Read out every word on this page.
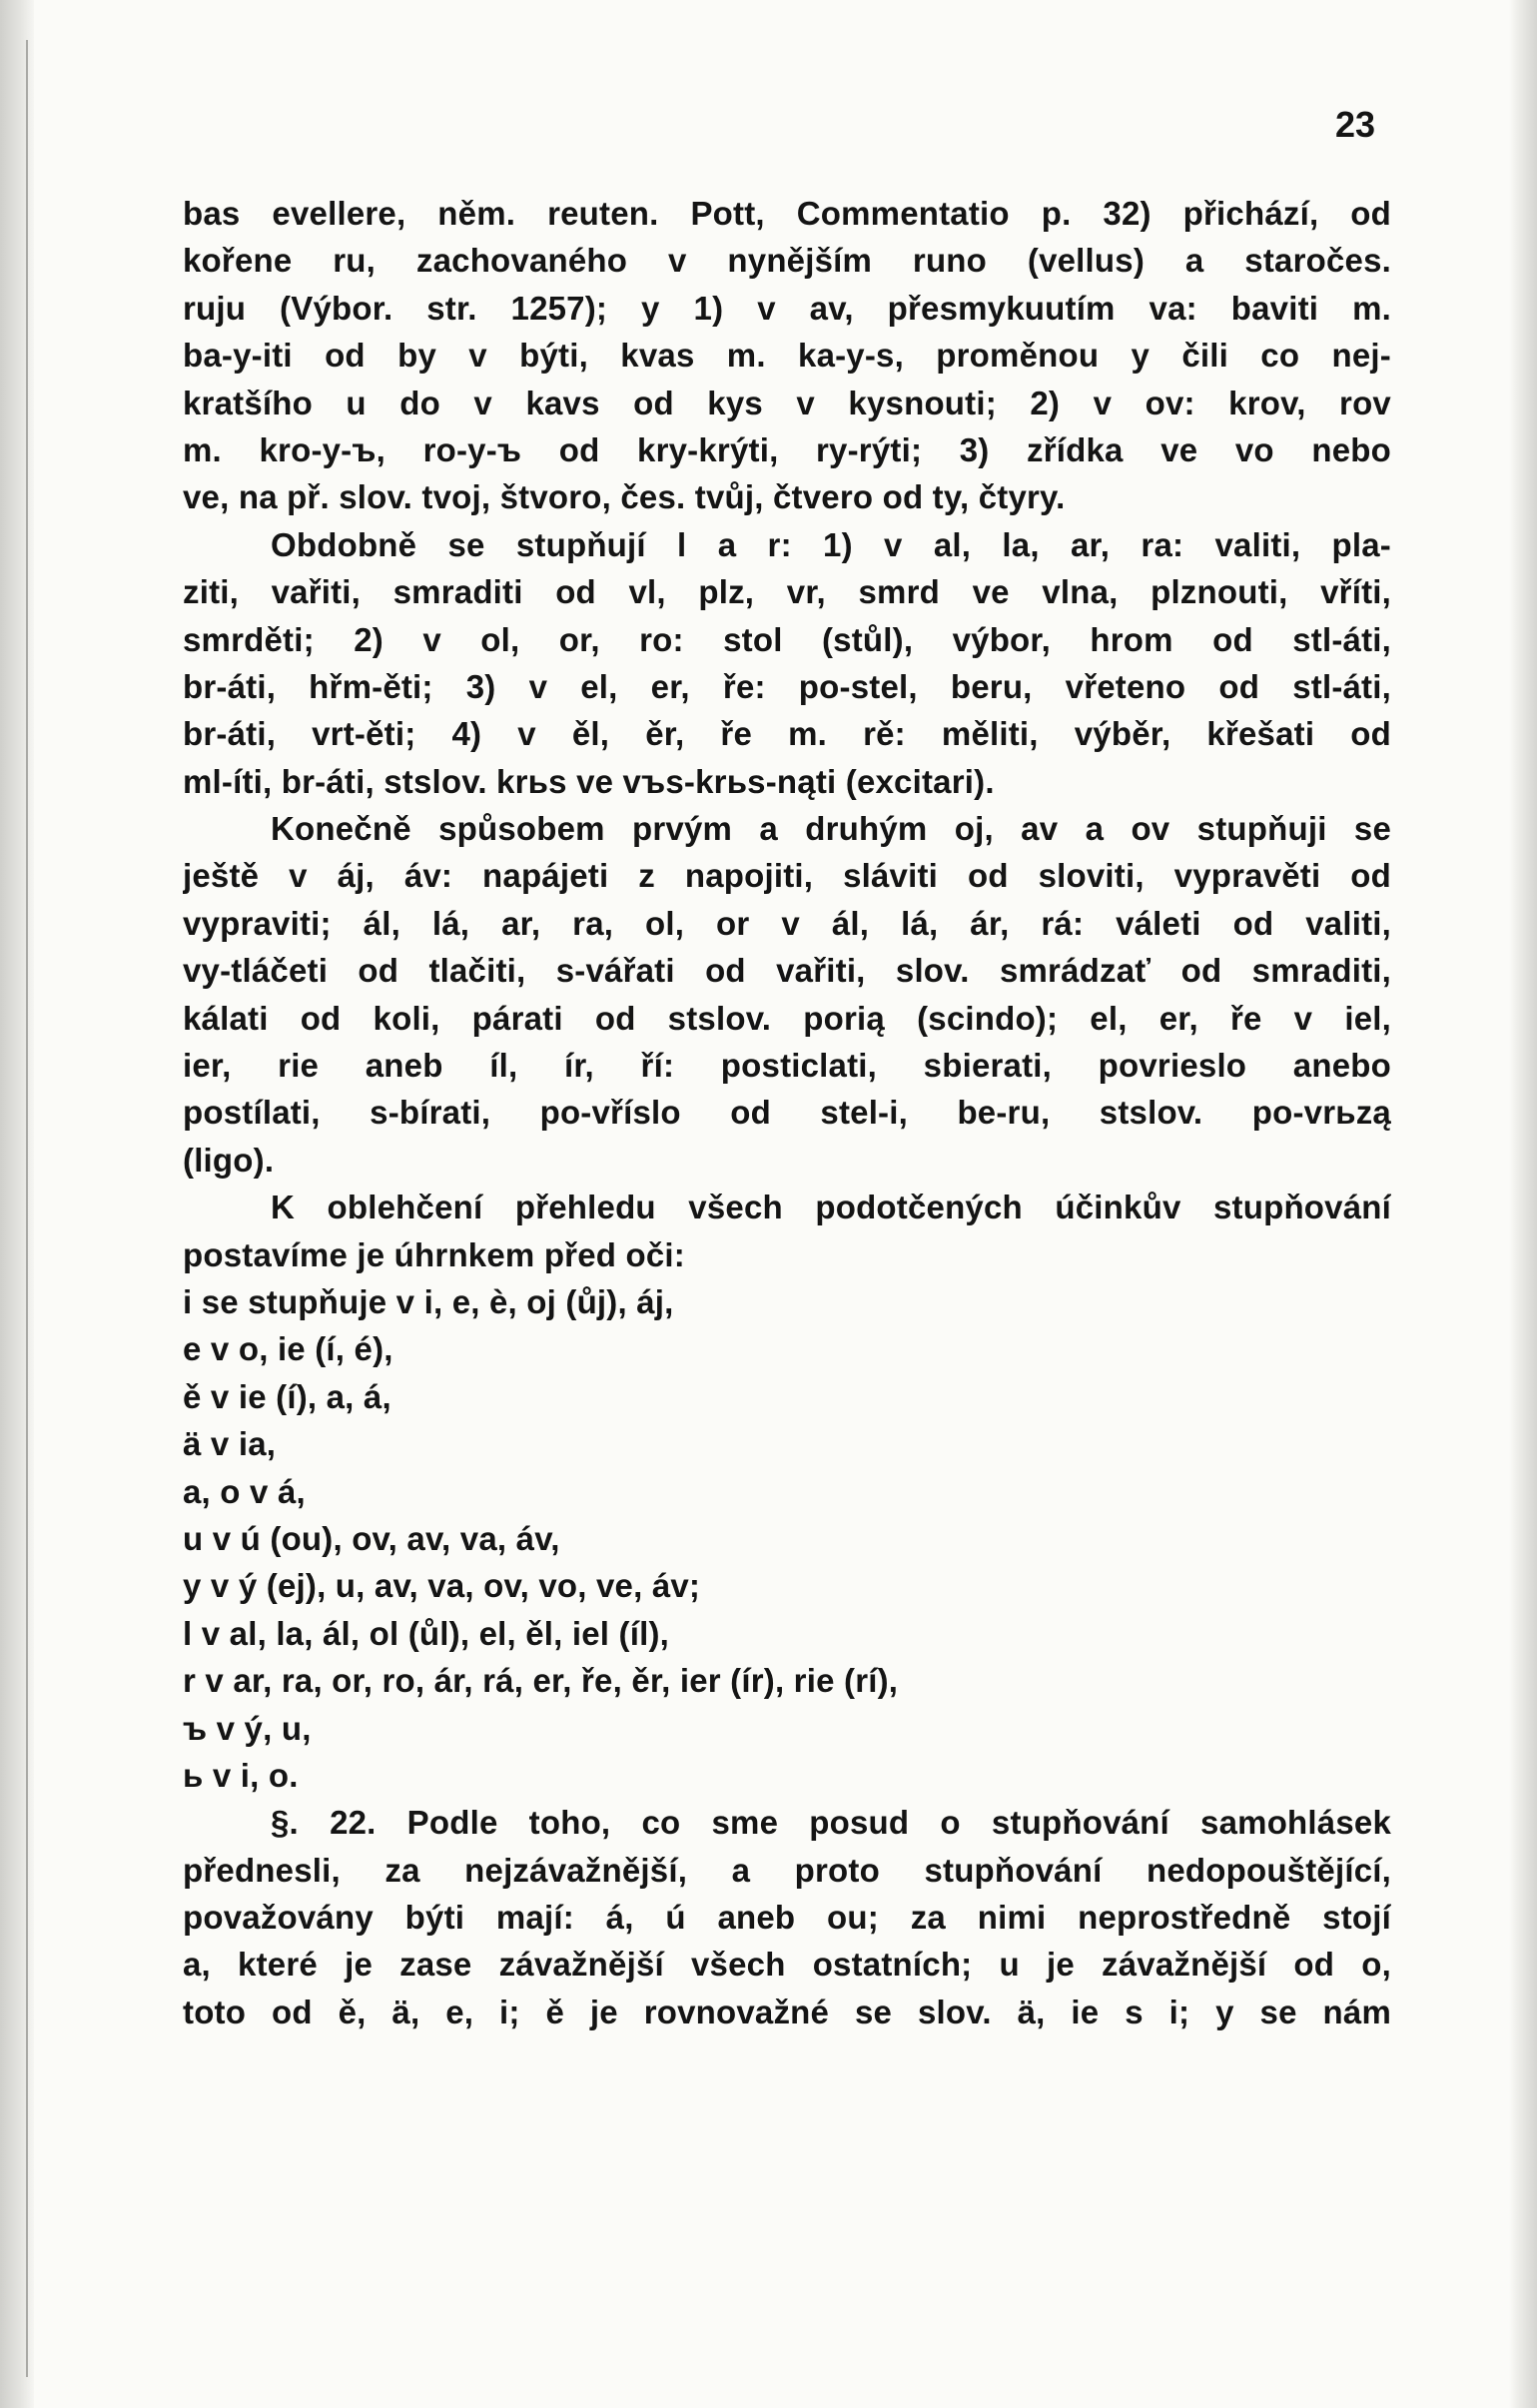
23
bas evellere, něm. reuten. Pott, Commentatio p. 32) přichází, od
kořene ru, zachovaného v nynějším runo (vellus) a staročes.
ruju (Výbor. str. 1257); y 1) v av, přesmykuutím va: baviti m.
ba-y-iti od by v býti, kvas m. ka-y-s, proměnou y čili co nej-
kratšího u do v kavs od kys v kysnouti; 2) v ov: krov, rov
m. kro-y-ъ, ro-y-ъ od kry-krýti, ry-rýti; 3) zřídka ve vo nebo
ve, na př. slov. tvoj, štvoro, čes. tvůj, čtvero od ty, čtyry.
Obdobně se stupňují l a r: 1) v al, la, ar, ra: valiti, pla-
ziti, vařiti, smraditi od vl, plz, vr, smrd ve vlna, plznouti, vříti,
smrděti; 2) v ol, or, ro: stol (stůl), výbor, hrom od stl-áti,
br-áti, hřm-ěti; 3) v el, er, ře: po-stel, beru, vřeteno od stl-áti,
br-áti, vrt-ěti; 4) v ěl, ěr, ře m. rě: měliti, výběr, křešati od
ml-íti, br-áti, stslov. krьs ve vъs-krьs-nąti (excitari).
Konečně spůsobem prvým a druhým oj, av a ov stupňuji se
ještě v áj, áv: napájeti z napojiti, sláviti od sloviti, vypravěti od
vypraviti; ál, lá, ar, ra, ol, or v ál, lá, ár, rá: váleti od valiti,
vy-tláčeti od tlačiti, s-vářati od vařiti, slov. smrádzať od smraditi,
kálati od koli, párati od stslov. porią (scindo); el, er, ře v iel,
ier, rie aneb íl, ír, ří: posticlati, sbierati, povrieslo anebo
postílati, s-bírati, po-vříslo od stel-i, be-ru, stslov. po-vrьzą
(ligo).
K oblehčení přehledu všech podotčených účinkův stupňování
postavíme je úhrnkem před oči:
i se stupňuje v i, e, è, oj (ůj), áj,
e v o, ie (í, é),
ě v ie (í), a, á,
ä v ia,
a, o v á,
u v ú (ou), ov, av, va, áv,
y v ý (ej), u, av, va, ov, vo, ve, áv;
l v al, la, ál, ol (ůl), el, ěl, iel (íl),
r v ar, ra, or, ro, ár, rá, er, ře, ěr, ier (ír), rie (rí),
ъ v ý, u,
ь v i, o.
§. 22. Podle toho, co sme posud o stupňování samohlásek
přednesli, za nejzávažnější, a proto stupňování nedopouštějící,
považovány býti mají: á, ú aneb ou; za nimi neprostředně stojí
a, které je zase závažnější všech ostatních; u je závažnější od o,
toto od ě, ä, e, i; ě je rovnovažné se slov. ä, ie s i; y se nám
